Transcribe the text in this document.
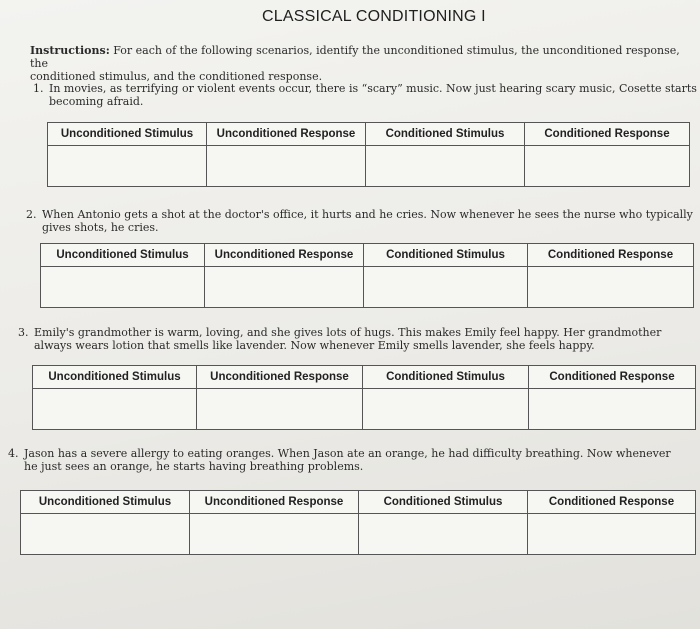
CLASSICAL CONDITIONING I
Instructions: For each of the following scenarios, identify the unconditioned stimulus, the unconditioned response, the
conditioned stimulus, and the conditioned response.
1. In movies, as terrifying or violent events occur, there is “scary” music. Now just hearing scary music, Cosette starts
becoming afraid.
Unconditioned Stimulus	Unconditioned Response	Conditioned Stimulus	Conditioned Response

2. When Antonio gets a shot at the doctor's office, it hurts and he cries. Now whenever he sees the nurse who typically
gives shots, he cries.
Unconditioned Stimulus	Unconditioned Response	Conditioned Stimulus	Conditioned Response

3. Emily's grandmother is warm, loving, and she gives lots of hugs. This makes Emily feel happy. Her grandmother
always wears lotion that smells like lavender. Now whenever Emily smells lavender, she feels happy.
Unconditioned Stimulus	Unconditioned Response	Conditioned Stimulus	Conditioned Response

4. Jason has a severe allergy to eating oranges. When Jason ate an orange, he had difficulty breathing. Now whenever
he just sees an orange, he starts having breathing problems.
Unconditioned Stimulus	Unconditioned Response	Conditioned Stimulus	Conditioned Response
